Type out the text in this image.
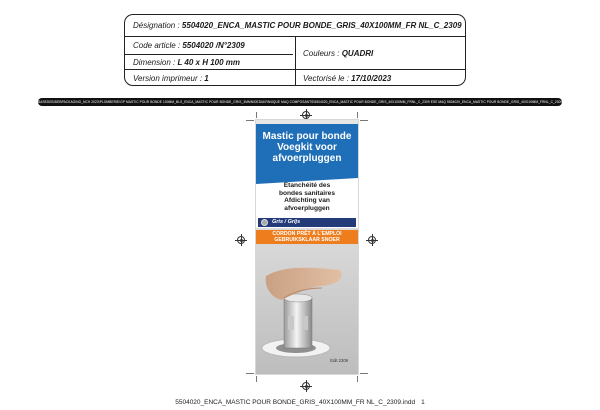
Désignation : 5504020_ENCA_MASTIC POUR BONDE_GRIS_40X100MM_FR NL_C_2309
Code article : 5504020 /N°2309
Dimension : L 40 x H 100 mm
Version imprimeur : 1
Couleurs : QUADRI
Vectorisé le : 17/10/2023
BASEDEBIDEBPACKAGING_NCH 2023\PLOMBERIE\GP MASTIC POUR BONDE 100MM_BLS_ENCA_MASTIC POUR BONDE_GRIS_3MMN\DEDIA\PANIQUE MAQ COMPOSANTS\5504020_ENCA_MASTIC POUR BONDE_GRIS_40X100MM_FRNL_C_2309 ESE MAQ 5504020_ENCA_MASTIC POUR BONDE_GRIS_40X100MM_FRNL_C_2309
Mastic pour bonde
Voegkit voor
afvoerpluggen
Etanchéité des
bondes sanitaires
Afdichting van
afvoerpluggen
Gris / Grijs
CORDON PRÊT À L'EMPLOI
GEBRUIKSKLAAR SNOER
Edit 2309
5504020_ENCA_MASTIC POUR BONDE_GRIS_40X100MM_FR NL_C_2309.indd 1
